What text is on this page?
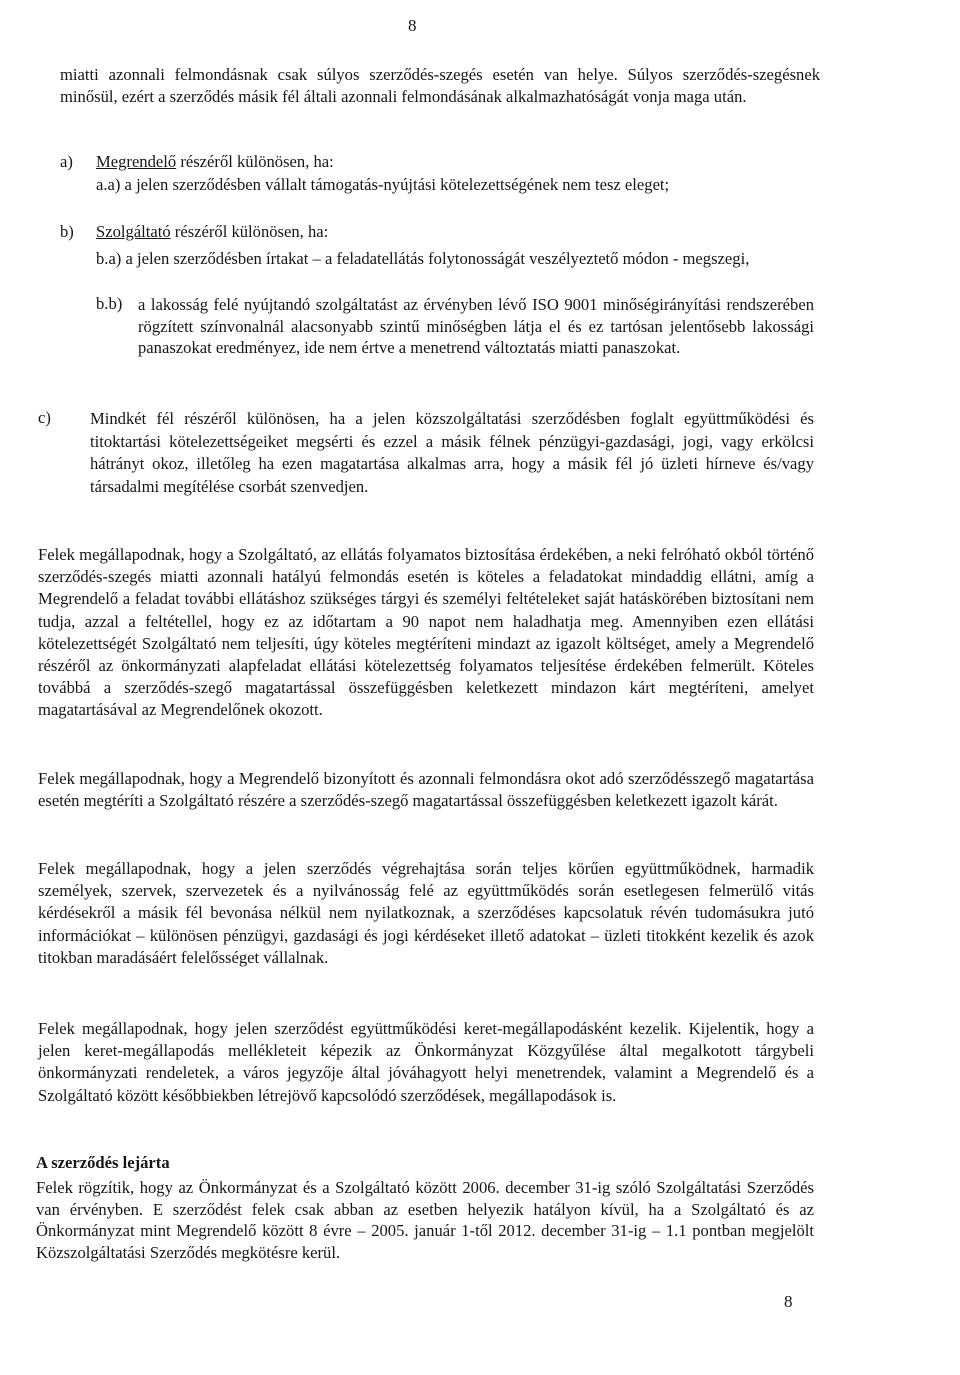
8
miatti azonnali felmondásnak csak súlyos szerződés-szegés esetén van helye. Súlyos szerződés-szegésnek minősül, ezért a szerződés másik fél általi azonnali felmondásának alkalmazhatóságát vonja maga után.
a) Megrendelő részéről különösen, ha:
a.a) a jelen szerződésben vállalt támogatás-nyújtási kötelezettségének nem tesz eleget;
b) Szolgáltató részéről különösen, ha:
b.a) a jelen szerződésben írtakat – a feladatellátás folytonosságát veszélyeztető módon - megszegi,
b.b) a lakosság felé nyújtandó szolgáltatást az érvényben lévő ISO 9001 minőségirányítási rendszerében rögzített színvonalnál alacsonyabb szintű minőségben látja el és ez tartósan jelentősebb lakossági panaszokat eredményez, ide nem értve a menetrend változtatás miatti panaszokat.
c) Mindkét fél részéről különösen, ha a jelen közszolgáltatási szerződésben foglalt együttműködési és titoktartási kötelezettségeiket megsérti és ezzel a másik félnek pénzügyi-gazdasági, jogi, vagy erkölcsi hátrányt okoz, illetőleg ha ezen magatartása alkalmas arra, hogy a másik fél jó üzleti hírneve és/vagy társadalmi megítélése csorbát szenvedjen.
Felek megállapodnak, hogy a Szolgáltató, az ellátás folyamatos biztosítása érdekében, a neki felróható okból történő szerződés-szegés miatti azonnali hatályú felmondás esetén is köteles a feladatokat mindaddig ellátni, amíg a Megrendelő a feladat további ellátáshoz szükséges tárgyi és személyi feltételeket saját hatáskörében biztosítani nem tudja, azzal a feltétellel, hogy ez az időtartam a 90 napot nem haladhatja meg. Amennyiben ezen ellátási kötelezettségét Szolgáltató nem teljesíti, úgy köteles megtéríteni mindazt az igazolt költséget, amely a Megrendelő részéről az önkormányzati alapfeladat ellátási kötelezettség folyamatos teljesítése érdekében felmerült. Köteles továbbá a szerződés-szegő magatartással összefüggésben keletkezett mindazon kárt megtéríteni, amelyet magatartásával az Megrendelőnek okozott.
Felek megállapodnak, hogy a Megrendelő bizonyított és azonnali felmondásra okot adó szerződésszegő magatartása esetén megtéríti a Szolgáltató részére a szerződés-szegő magatartással összefüggésben keletkezett igazolt kárát.
Felek megállapodnak, hogy a jelen szerződés végrehajtása során teljes körűen együttműködnek, harmadik személyek, szervek, szervezetek és a nyilvánosság felé az együttműködés során esetlegesen felmerülő vitás kérdésekről a másik fél bevonása nélkül nem nyilatkoznak, a szerződéses kapcsolatuk révén tudomásukra jutó információkat – különösen pénzügyi, gazdasági és jogi kérdéseket illető adatokat – üzleti titokként kezelik és azok titokban maradásáért felelősséget vállalnak.
Felek megállapodnak, hogy jelen szerződést együttműködési keret-megállapodásként kezelik. Kijelentik, hogy a jelen keret-megállapodás mellékleteit képezik az Önkormányzat Közgyűlése által megalkotott tárgybeli önkormányzati rendeletek, a város jegyzője által jóváhagyott helyi menetrendek, valamint a Megrendelő és a Szolgáltató között későbbiekben létrejövő kapcsolódó szerződések, megállapodások is.
A szerződés lejárta
Felek rögzítik, hogy az Önkormányzat és a Szolgáltató között 2006. december 31-ig szóló Szolgáltatási Szerződés van érvényben. E szerződést felek csak abban az esetben helyezik hatályon kívül, ha a Szolgáltató és az Önkormányzat mint Megrendelő között 8 évre – 2005. január 1-től 2012. december 31-ig – 1.1 pontban megjelölt Közszolgáltatási Szerződés megkötésre kerül.
8
